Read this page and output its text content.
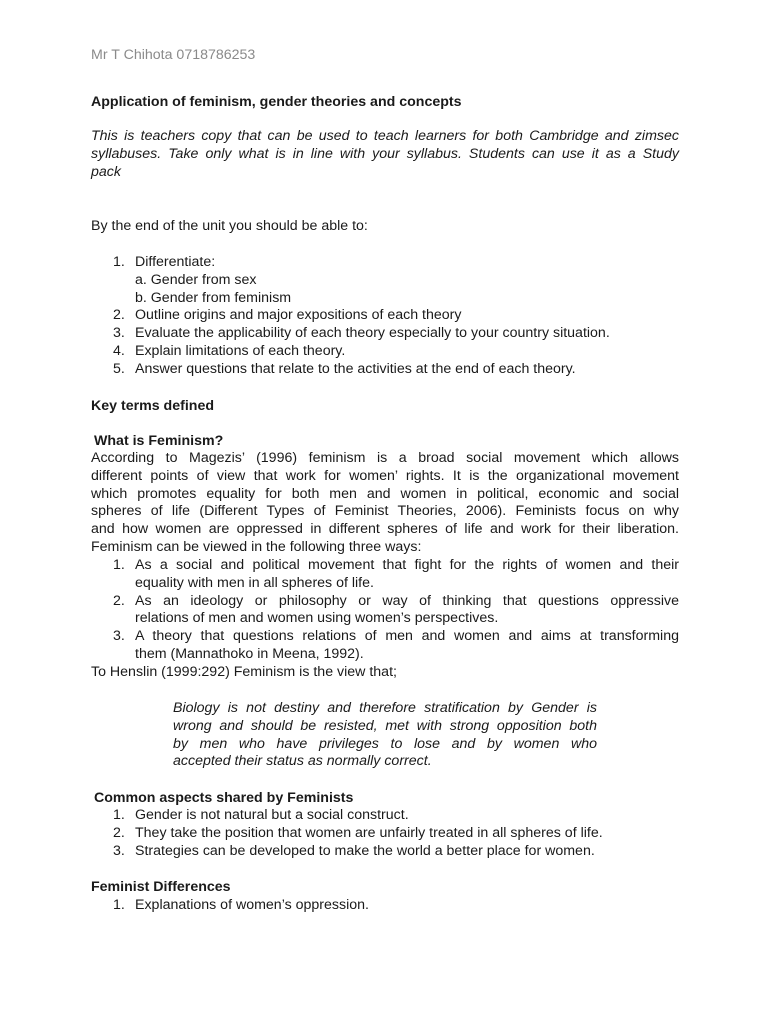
Mr T Chihota 0718786253
Application of feminism, gender theories and concepts

This is teachers copy that can be used to teach learners for both Cambridge and zimsec

syllabuses. Take only what is in line with your syllabus. Students can use it as a Study

pack

By the end of the unit you should be able to:
1. Differentiate:
a. Gender from sex
b. Gender from feminism
2. Outline origins and major expositions of each theory
3. Evaluate the applicability of each theory especially to your country situation.
4. Explain limitations of each theory.
5. Answer questions that relate to the activities at the end of each theory.
Key terms defined
What is Feminism?

According to Magezis’ (1996) feminism is a broad social movement which allows

different points of view that work for women’ rights. It is the organizational movement

which promotes equality for both men and women in political, economic and social

spheres of life (Different Types of Feminist Theories, 2006). Feminists focus on why

and how women are oppressed in different spheres of life and work for their liberation.

Feminism can be viewed in the following three ways:

1. As a social and political movement that fight for the rights of women and their

equality with men in all spheres of life.

2. As an ideology or philosophy or way of thinking that questions oppressive

relations of men and women using women’s perspectives.

3. A theory that questions relations of men and women and aims at transforming

them (Mannathoko in Meena, 1992).

To Henslin (1999:292) Feminism is the view that;

Biology is not destiny and therefore stratification by Gender is

wrong and should be resisted, met with strong opposition both

by men who have privileges to lose and by women who

accepted their status as normally correct.

Common aspects shared by Feminists
1. Gender is not natural but a social construct.
2. They take the position that women are unfairly treated in all spheres of life.
3. Strategies can be developed to make the world a better place for women.
Feminist Differences
1. Explanations of women’s oppression.
